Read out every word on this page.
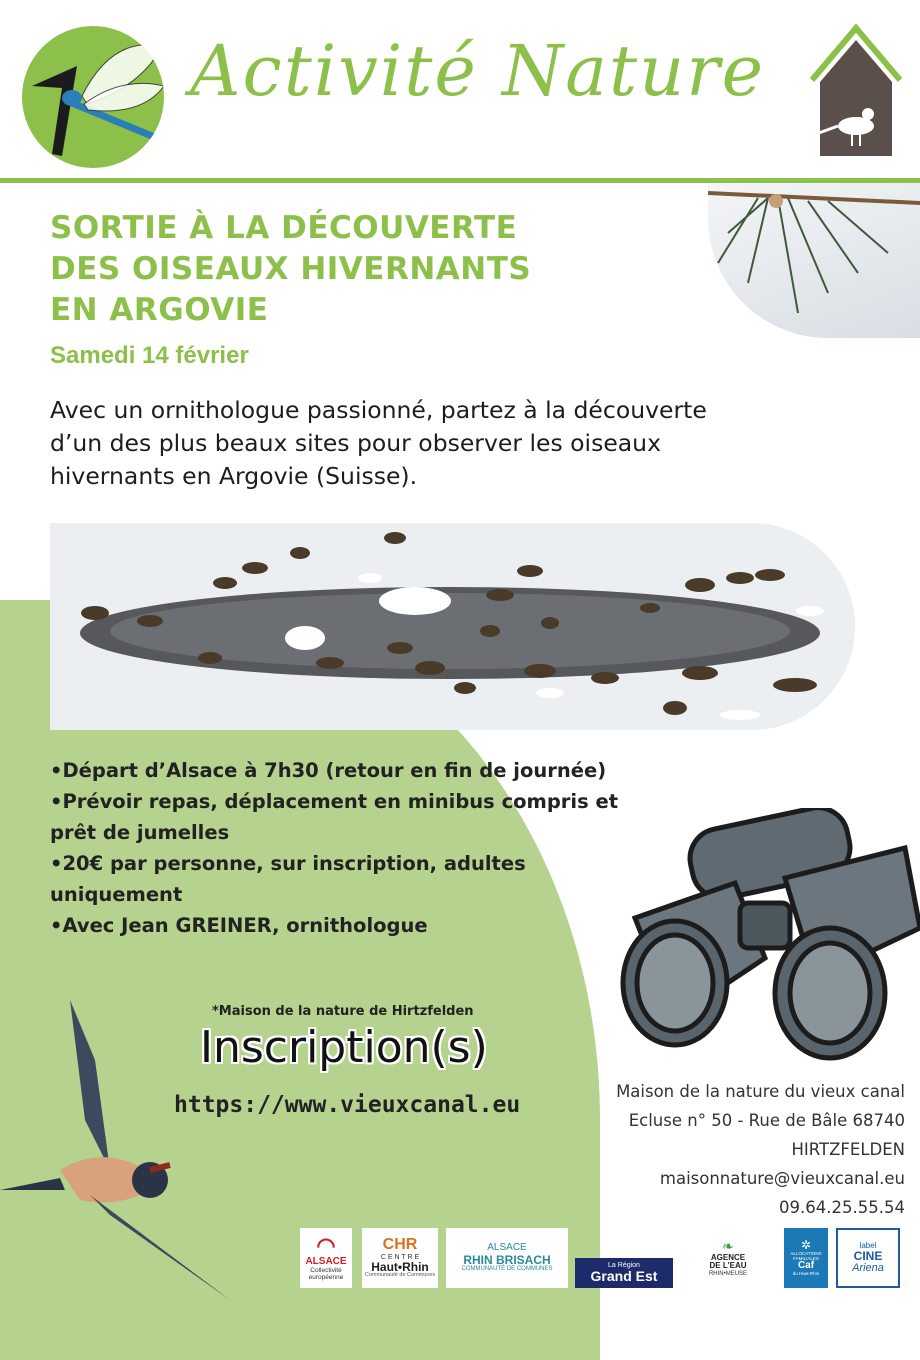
Activité Nature
SORTIE À LA DÉCOUVERTE
DES OISEAUX HIVERNANTS
EN ARGOVIE
Samedi 14 février
Avec un ornithologue passionné, partez à la découverte
d’un des plus beaux sites pour observer les oiseaux
hivernants en Argovie (Suisse).
•Départ d’Alsace à 7h30 (retour en fin de journée)
•Prévoir repas, déplacement en minibus compris et
prêt de jumelles
•20€ par personne, sur inscription, adultes
uniquement
•Avec Jean GREINER, ornithologue
*Maison de la nature de Hirtzfelden
Inscription(s)
https://www.vieuxcanal.eu
Maison de la nature du vieux canal
Ecluse n° 50 - Rue de Bâle 68740
HIRTZFELDEN
maisonnature@vieuxcanal.eu
09.64.25.55.54
◠
ALSACE
Collectivité
européenne
CHR
C E N T R E
Haut•Rhin
Communauté de Communes
ALSACE
RHIN BRISACH
COMMUNAUTÉ DE COMMUNES
La Région
Grand Est
❧
AGENCE
DE L'EAU
RHIN•MEUSE
✲
ALLOCATIONS
FAMILIALES
Caf
du Haut-Rhin
label
CINE
Ariena
